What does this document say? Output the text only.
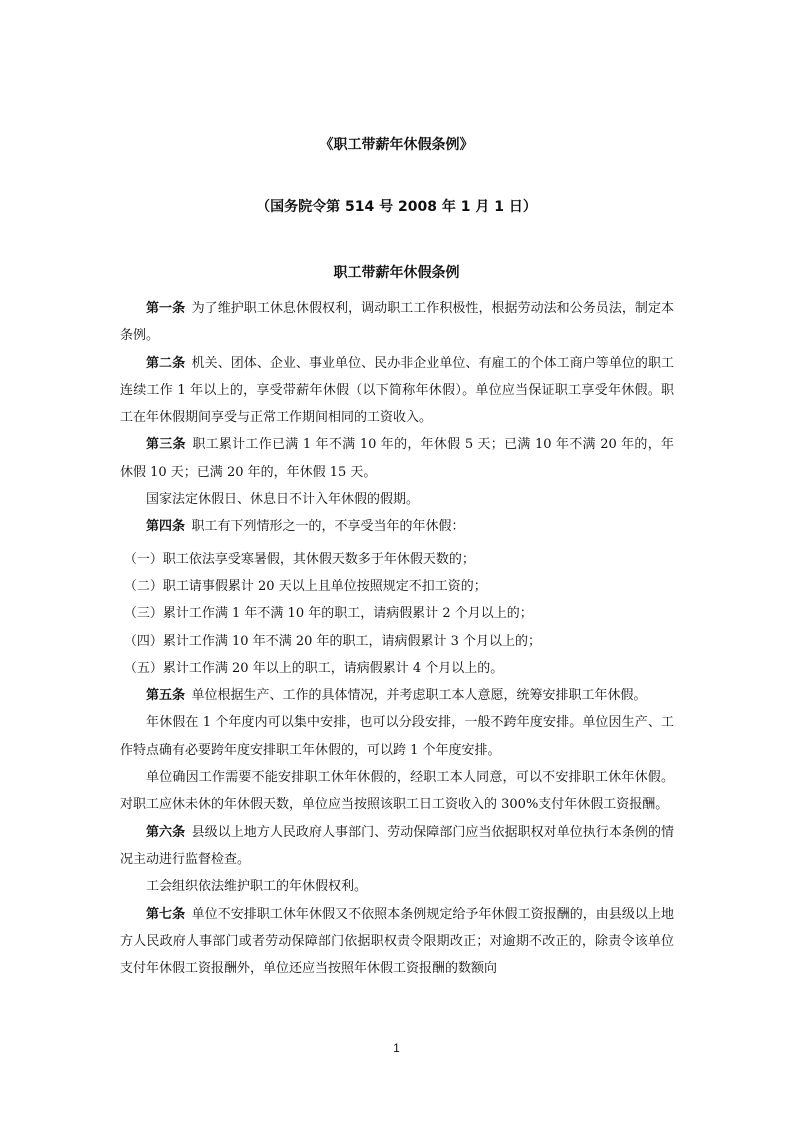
《职工带薪年休假条例》
（国务院令第 514 号 2008 年 1 月 1 日）
职工带薪年休假条例

第一条 为了维护职工休息休假权利，调动职工工作积极性，根据劳动法和公务员法，制定本条例。

第二条 机关、团体、企业、事业单位、民办非企业单位、有雇工的个体工商户等单位的职工连续工作 1 年以上的，享受带薪年休假（以下简称年休假）。单位应当保证职工享受年休假。职工在年休假期间享受与正常工作期间相同的工资收入。

第三条 职工累计工作已满 1 年不满 10 年的，年休假 5 天；已满 10 年不满 20 年的，年休假 10 天；已满 20 年的，年休假 15 天。

国家法定休假日、休息日不计入年休假的假期。

第四条 职工有下列情形之一的，不享受当年的年休假：

（一）职工依法享受寒暑假，其休假天数多于年休假天数的；

（二）职工请事假累计 20 天以上且单位按照规定不扣工资的；

（三）累计工作满 1 年不满 10 年的职工，请病假累计 2 个月以上的；

（四）累计工作满 10 年不满 20 年的职工，请病假累计 3 个月以上的；

（五）累计工作满 20 年以上的职工，请病假累计 4 个月以上的。

第五条 单位根据生产、工作的具体情况，并考虑职工本人意愿，统筹安排职工年休假。

年休假在 1 个年度内可以集中安排，也可以分段安排，一般不跨年度安排。单位因生产、工作特点确有必要跨年度安排职工年休假的，可以跨 1 个年度安排。

单位确因工作需要不能安排职工休年休假的，经职工本人同意，可以不安排职工休年休假。对职工应休未休的年休假天数，单位应当按照该职工日工资收入的 300%支付年休假工资报酬。

第六条 县级以上地方人民政府人事部门、劳动保障部门应当依据职权对单位执行本条例的情况主动进行监督检查。

工会组织依法维护职工的年休假权利。

第七条 单位不安排职工休年休假又不依照本条例规定给予年休假工资报酬的，由县级以上地方人民政府人事部门或者劳动保障部门依据职权责令限期改正；对逾期不改正的，除责令该单位支付年休假工资报酬外，单位还应当按照年休假工资报酬的数额向

1
